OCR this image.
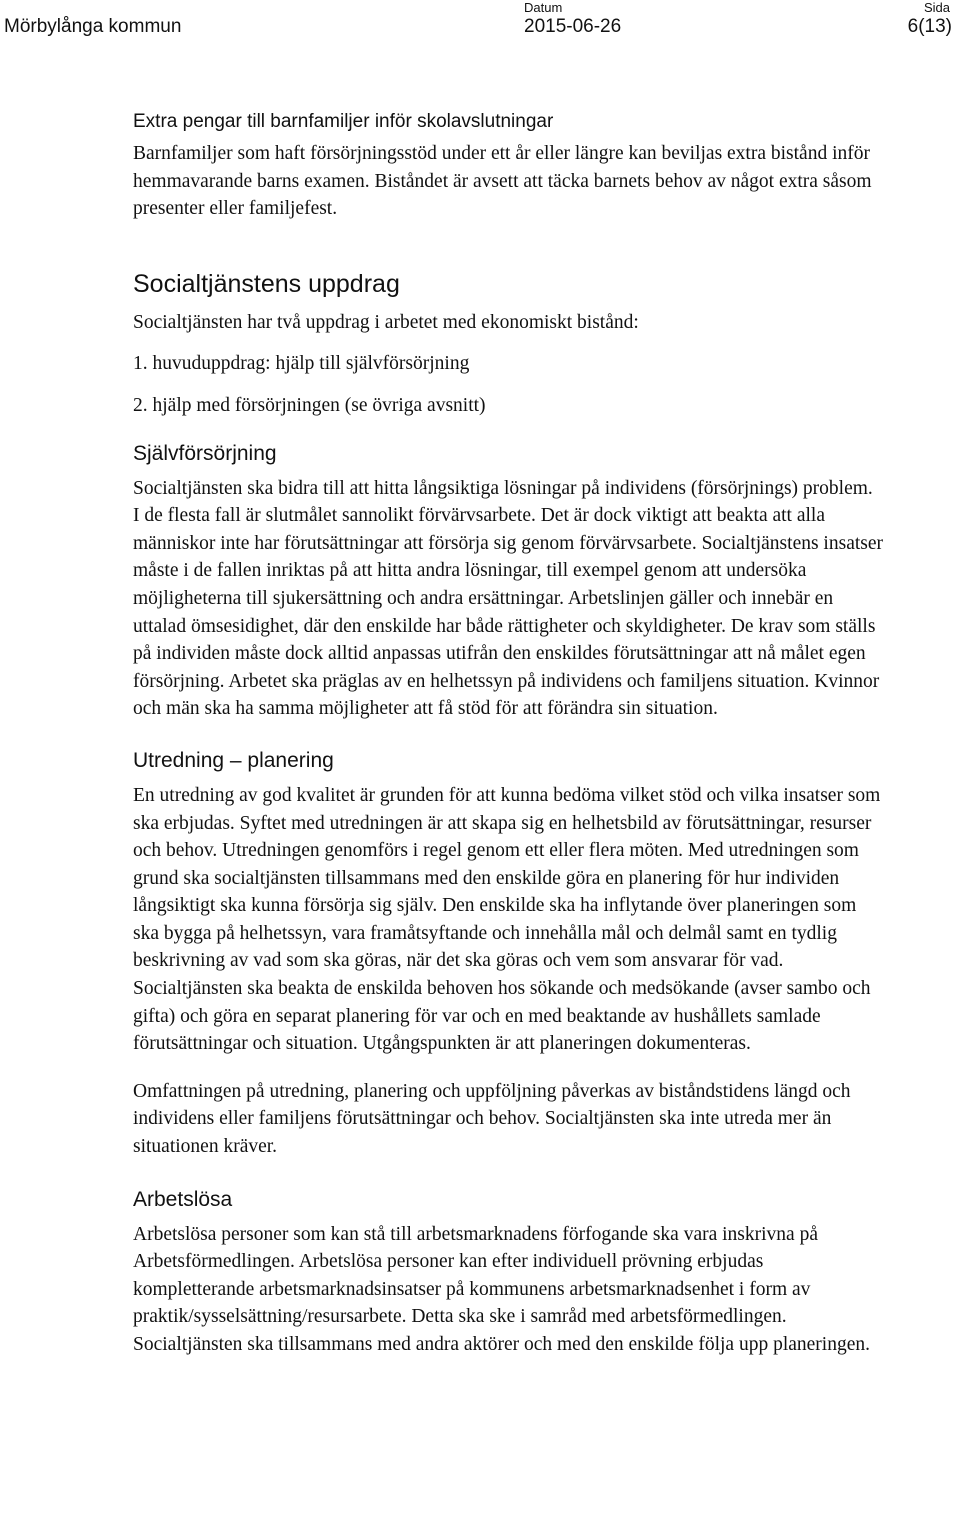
Mörbylånga kommun
Datum
2015-06-26
Sida
6(13)
Extra pengar till barnfamiljer inför skolavslutningar

Barnfamiljer som haft försörjningsstöd under ett år eller längre kan beviljas extra bistånd inför hemmavarande barns examen. Biståndet är avsett att täcka barnets behov av något extra såsom presenter eller familjefest.

Socialtjänstens uppdrag

Socialtjänsten har två uppdrag i arbetet med ekonomiskt bistånd:

1. huvuduppdrag: hjälp till självförsörjning

2. hjälp med försörjningen (se övriga avsnitt)

Självförsörjning

Socialtjänsten ska bidra till att hitta långsiktiga lösningar på individens (försörjnings) problem. I de flesta fall är slutmålet sannolikt förvärvsarbete. Det är dock viktigt att beakta att alla människor inte har förutsättningar att försörja sig genom förvärvsarbete. Socialtjänstens insatser måste i de fallen inriktas på att hitta andra lösningar, till exempel genom att undersöka möjligheterna till sjukersättning och andra ersättningar. Arbetslinjen gäller och innebär en uttalad ömsesidighet, där den enskilde har både rättigheter och skyldigheter. De krav som ställs på individen måste dock alltid anpassas utifrån den enskildes förutsättningar att nå målet egen försörjning. Arbetet ska präglas av en helhetssyn på individens och familjens situation. Kvinnor och män ska ha samma möjligheter att få stöd för att förändra sin situation.

Utredning – planering

En utredning av god kvalitet är grunden för att kunna bedöma vilket stöd och vilka insatser som ska erbjudas. Syftet med utredningen är att skapa sig en helhetsbild av förutsättningar, resurser och behov. Utredningen genomförs i regel genom ett eller flera möten. Med utredningen som grund ska socialtjänsten tillsammans med den enskilde göra en planering för hur individen långsiktigt ska kunna försörja sig själv. Den enskilde ska ha inflytande över planeringen som ska bygga på helhetssyn, vara framåtsyftande och innehålla mål och delmål samt en tydlig beskrivning av vad som ska göras, när det ska göras och vem som ansvarar för vad. Socialtjänsten ska beakta de enskilda behoven hos sökande och medsökande (avser sambo och gifta) och göra en separat planering för var och en med beaktande av hushållets samlade förutsättningar och situation. Utgångspunkten är att planeringen dokumenteras.

Omfattningen på utredning, planering och uppföljning påverkas av biståndstidens längd och individens eller familjens förutsättningar och behov. Socialtjänsten ska inte utreda mer än situationen kräver.

Arbetslösa

Arbetslösa personer som kan stå till arbetsmarknadens förfogande ska vara inskrivna på Arbetsförmedlingen. Arbetslösa personer kan efter individuell prövning erbjudas kompletterande arbetsmarknadsinsatser på kommunens arbetsmarknadsenhet i form av praktik/sysselsättning/resursarbete. Detta ska ske i samråd med arbetsförmedlingen. Socialtjänsten ska tillsammans med andra aktörer och med den enskilde följa upp planeringen.
